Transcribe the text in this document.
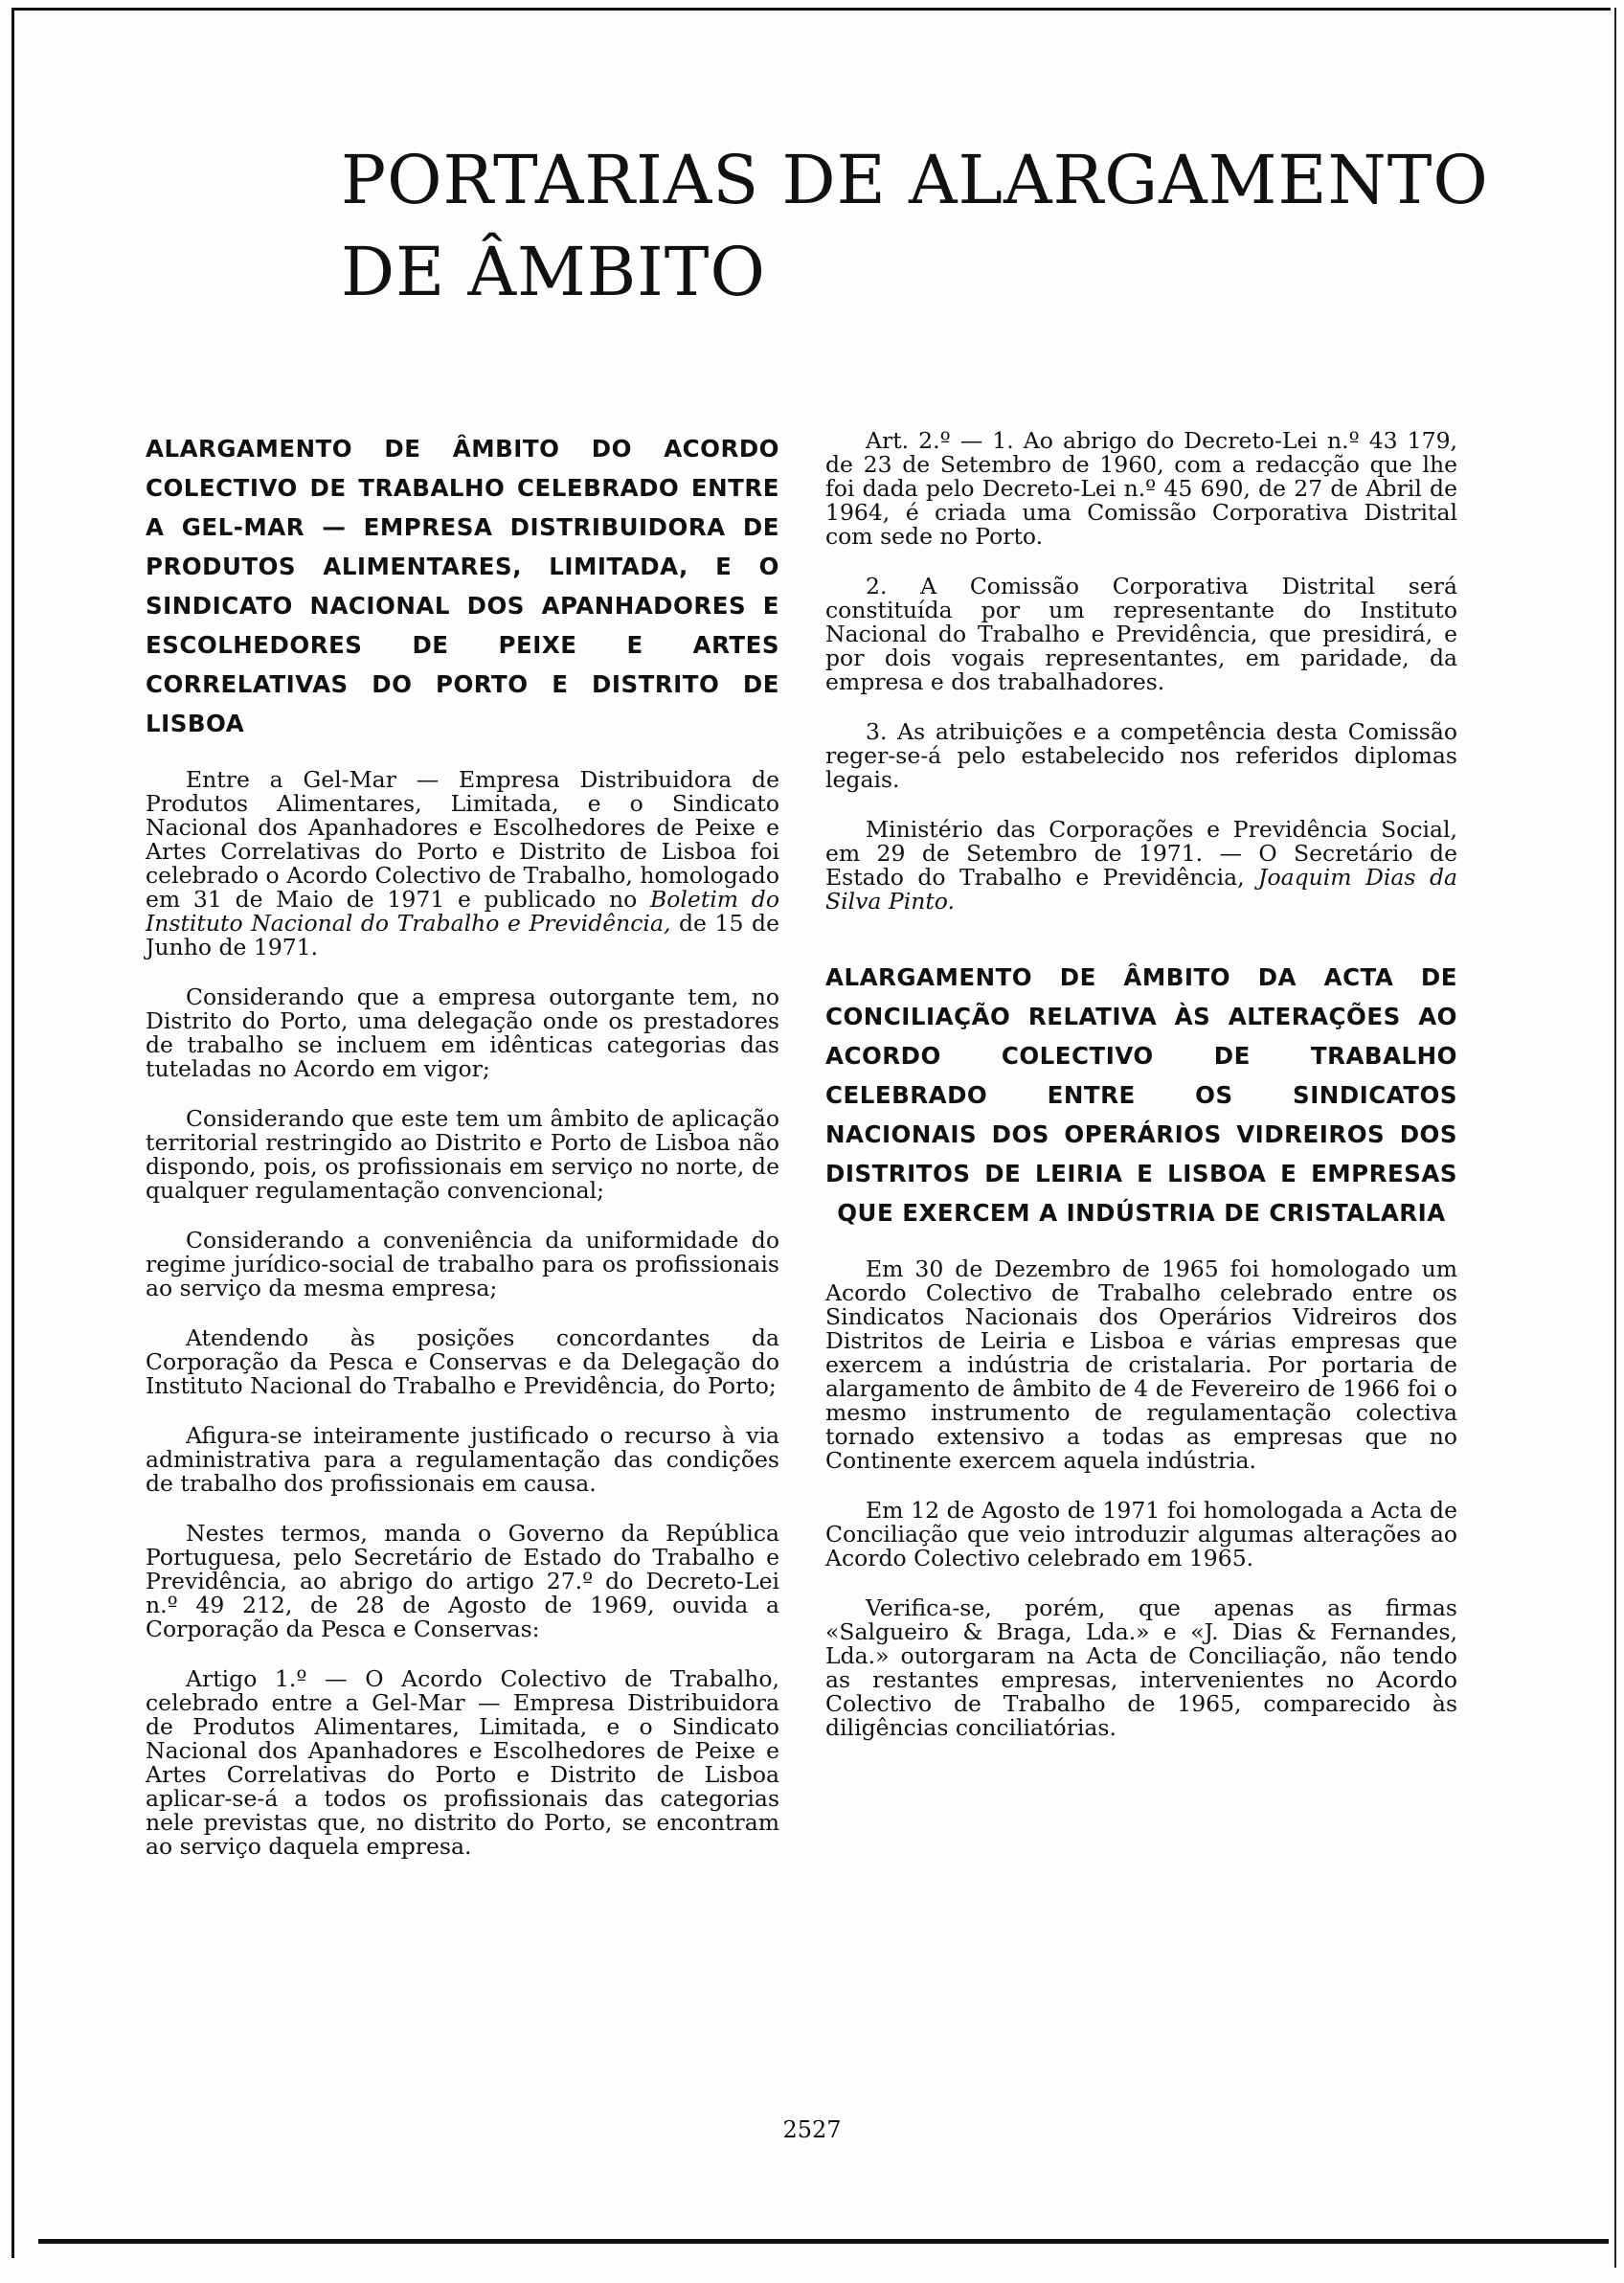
PORTARIAS DE ALARGAMENTO
DE ÂMBITO

ALARGAMENTO DE ÂMBITO DO ACORDO COLECTIVO DE TRABALHO CELEBRADO ENTRE A GEL-MAR — EMPRESA DISTRIBUIDORA DE PRODUTOS ALIMENTARES, LIMITADA, E O SINDICATO NACIONAL DOS APANHADORES E ESCOLHEDORES DE PEIXE E ARTES CORRELATIVAS DO PORTO E DISTRITO DE LISBOA

Entre a Gel-Mar — Empresa Distribuidora de Produtos Alimentares, Limitada, e o Sindicato Nacional dos Apanhadores e Escolhedores de Peixe e Artes Correlativas do Porto e Distrito de Lisboa foi celebrado o Acordo Colectivo de Trabalho, homologado em 31 de Maio de 1971 e publicado no Boletim do Instituto Nacional do Trabalho e Previdência, de 15 de Junho de 1971.

Considerando que a empresa outorgante tem, no Distrito do Porto, uma delegação onde os prestadores de trabalho se incluem em idênticas categorias das tuteladas no Acordo em vigor;

Considerando que este tem um âmbito de aplicação territorial restringido ao Distrito e Porto de Lisboa não dispondo, pois, os profissionais em serviço no norte, de qualquer regulamentação convencional;

Considerando a conveniência da uniformidade do regime jurídico-social de trabalho para os profissionais ao serviço da mesma empresa;

Atendendo às posições concordantes da Corporação da Pesca e Conservas e da Delegação do Instituto Nacional do Trabalho e Previdência, do Porto;

Afigura-se inteiramente justificado o recurso à via administrativa para a regulamentação das condições de trabalho dos profissionais em causa.

Nestes termos, manda o Governo da República Portuguesa, pelo Secretário de Estado do Trabalho e Previdência, ao abrigo do artigo 27.º do Decreto-Lei n.º 49 212, de 28 de Agosto de 1969, ouvida a Corporação da Pesca e Conservas:

Artigo 1.º — O Acordo Colectivo de Trabalho, celebrado entre a Gel-Mar — Empresa Distribuidora de Produtos Alimentares, Limitada, e o Sindicato Nacional dos Apanhadores e Escolhedores de Peixe e Artes Correlativas do Porto e Distrito de Lisboa aplicar-se-á a todos os profissionais das categorias nele previstas que, no distrito do Porto, se encontram ao serviço daquela empresa.

Art. 2.º — 1. Ao abrigo do Decreto-Lei n.º 43 179, de 23 de Setembro de 1960, com a redacção que lhe foi dada pelo Decreto-Lei n.º 45 690, de 27 de Abril de 1964, é criada uma Comissão Corporativa Distrital com sede no Porto.

2. A Comissão Corporativa Distrital será constituída por um representante do Instituto Nacional do Trabalho e Previdência, que presidirá, e por dois vogais representantes, em paridade, da empresa e dos trabalhadores.

3. As atribuições e a competência desta Comissão reger-se-á pelo estabelecido nos referidos diplomas legais.

Ministério das Corporações e Previdência Social, em 29 de Setembro de 1971. — O Secretário de Estado do Trabalho e Previdência, Joaquim Dias da Silva Pinto.

ALARGAMENTO DE ÂMBITO DA ACTA DE CONCILIAÇÃO RELATIVA ÀS ALTERAÇÕES AO ACORDO COLECTIVO DE TRABALHO CELEBRADO ENTRE OS SINDICATOS NACIONAIS DOS OPERÁRIOS VIDREIROS DOS DISTRITOS DE LEIRIA E LISBOA E EMPRESAS QUE EXERCEM A INDÚSTRIA DE CRISTALARIA

Em 30 de Dezembro de 1965 foi homologado um Acordo Colectivo de Trabalho celebrado entre os Sindicatos Nacionais dos Operários Vidreiros dos Distritos de Leiria e Lisboa e várias empresas que exercem a indústria de cristalaria. Por portaria de alargamento de âmbito de 4 de Fevereiro de 1966 foi o mesmo instrumento de regulamentação colectiva tornado extensivo a todas as empresas que no Continente exercem aquela indústria.

Em 12 de Agosto de 1971 foi homologada a Acta de Conciliação que veio introduzir algumas alterações ao Acordo Colectivo celebrado em 1965.

Verifica-se, porém, que apenas as firmas «Salgueiro & Braga, Lda.» e «J. Dias & Fernandes, Lda.» outorgaram na Acta de Conciliação, não tendo as restantes empresas, intervenientes no Acordo Colectivo de Trabalho de 1965, comparecido às diligências conciliatórias.

2527
